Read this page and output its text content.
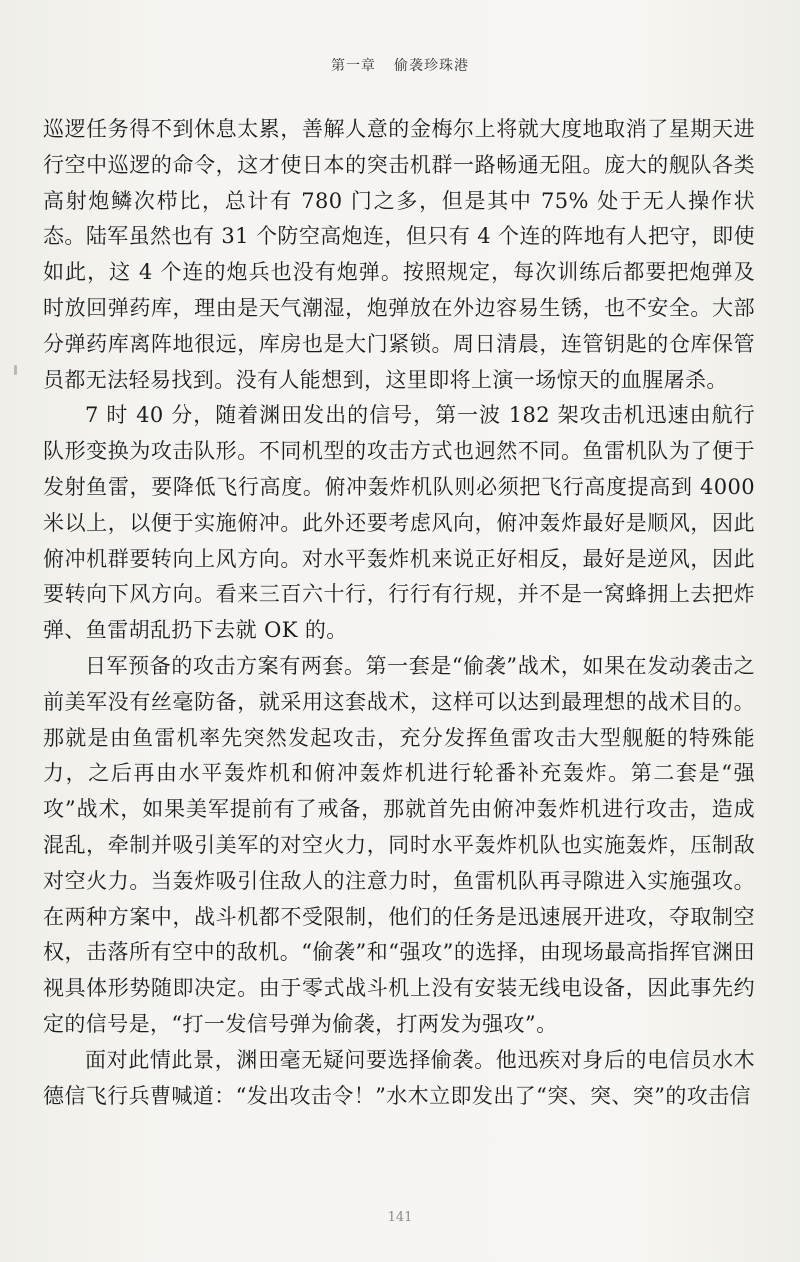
第一章 偷袭珍珠港

巡逻任务得不到休息太累，善解人意的金梅尔上将就大度地取消了星期天进行空中巡逻的命令，这才使日本的突击机群一路畅通无阻。庞大的舰队各类高射炮鳞次栉比，总计有 780 门之多，但是其中 75% 处于无人操作状态。陆军虽然也有 31 个防空高炮连，但只有 4 个连的阵地有人把守，即使如此，这 4 个连的炮兵也没有炮弹。按照规定，每次训练后都要把炮弹及时放回弹药库，理由是天气潮湿，炮弹放在外边容易生锈，也不安全。大部分弹药库离阵地很远，库房也是大门紧锁。周日清晨，连管钥匙的仓库保管员都无法轻易找到。没有人能想到，这里即将上演一场惊天的血腥屠杀。

7 时 40 分，随着渊田发出的信号，第一波 182 架攻击机迅速由航行队形变换为攻击队形。不同机型的攻击方式也迥然不同。鱼雷机队为了便于发射鱼雷，要降低飞行高度。俯冲轰炸机队则必须把飞行高度提高到 4000 米以上，以便于实施俯冲。此外还要考虑风向，俯冲轰炸最好是顺风，因此俯冲机群要转向上风方向。对水平轰炸机来说正好相反，最好是逆风，因此要转向下风方向。看来三百六十行，行行有行规，并不是一窝蜂拥上去把炸弹、鱼雷胡乱扔下去就 OK 的。

日军预备的攻击方案有两套。第一套是“偷袭”战术，如果在发动袭击之前美军没有丝毫防备，就采用这套战术，这样可以达到最理想的战术目的。那就是由鱼雷机率先突然发起攻击，充分发挥鱼雷攻击大型舰艇的特殊能力，之后再由水平轰炸机和俯冲轰炸机进行轮番补充轰炸。第二套是“强攻”战术，如果美军提前有了戒备，那就首先由俯冲轰炸机进行攻击，造成混乱，牵制并吸引美军的对空火力，同时水平轰炸机队也实施轰炸，压制敌对空火力。当轰炸吸引住敌人的注意力时，鱼雷机队再寻隙进入实施强攻。在两种方案中，战斗机都不受限制，他们的任务是迅速展开进攻，夺取制空权，击落所有空中的敌机。“偷袭”和“强攻”的选择，由现场最高指挥官渊田视具体形势随即决定。由于零式战斗机上没有安装无线电设备，因此事先约定的信号是，“打一发信号弹为偷袭，打两发为强攻”。

面对此情此景，渊田毫无疑问要选择偷袭。他迅疾对身后的电信员水木德信飞行兵曹喊道：“发出攻击令！”水木立即发出了“突、突、突”的攻击信

141
